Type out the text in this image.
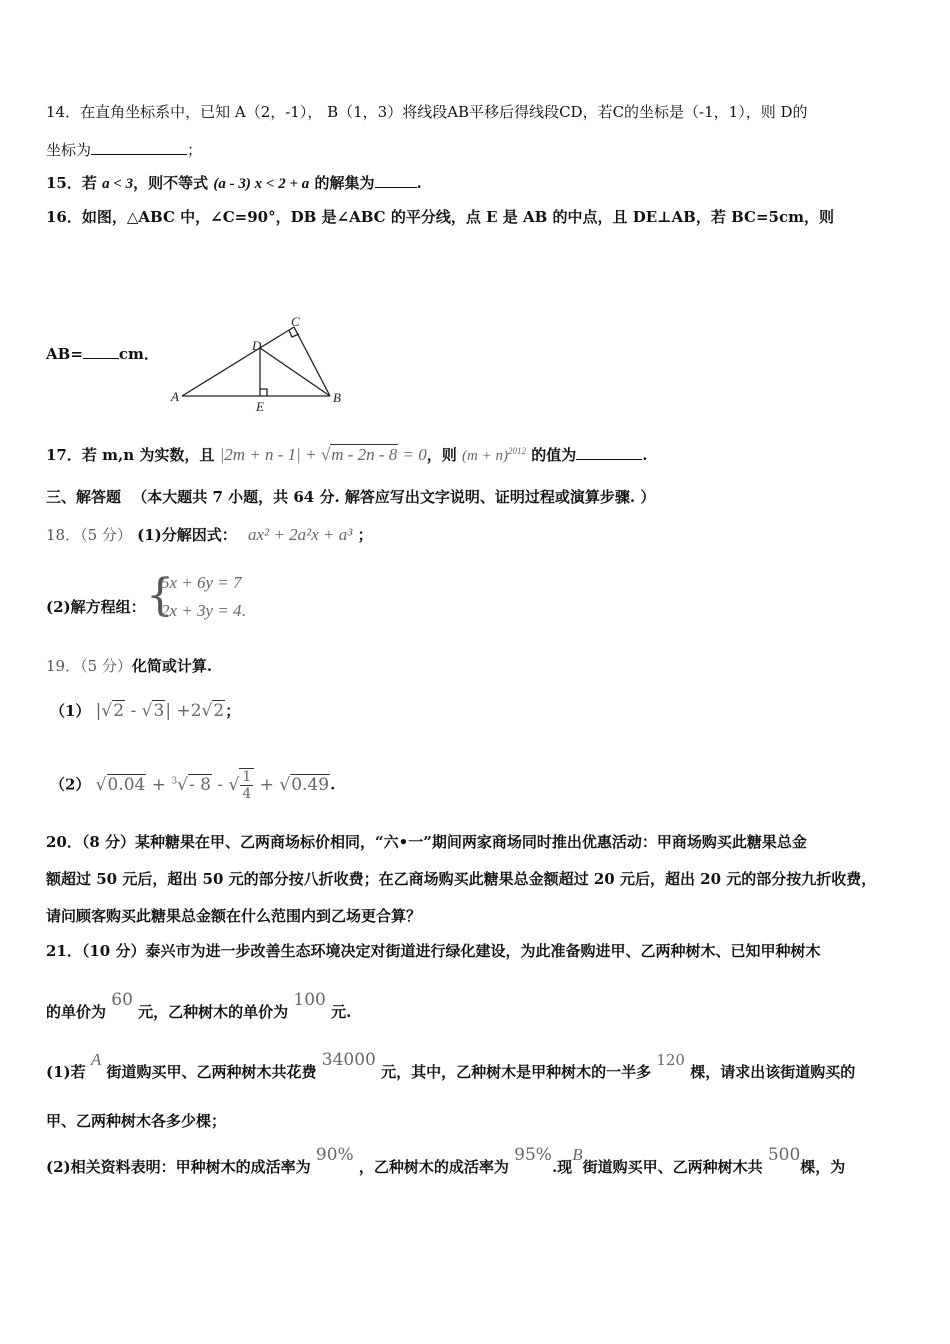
14．在直角坐标系中，已知 A（2，-1）， B（1，3）将线段AB平移后得线段CD，若C的坐标是（-1，1），则 D的
坐标为	；
15．若 a < 3，则不等式 (a - 3) x < 2 + a 的解集为	.
16．如图，△ABC 中，∠C=90°，DB 是∠ABC 的平分线，点 E 是 AB 的中点，且 DE⊥AB，若 BC=5cm，则
AB= cm．
A	B
C
D
E
17．若 m,n 为实数，且 |2m + n - 1| + √m - 2n - 8 = 0，则 $(m + n)^{2012}$ 的值为	.
三、解答题 （本大题共 7 小题，共 64 分. 解答应写出文字说明、证明过程或演算步骤. ）
18．（5 分） (1)分解因式： ax² + 2a²x + a³ ；
(2)解方程组： {
5x + 6y = 7
2x + 3y = 4.
19．（5 分）化简或计算.
（1） |√2 - √3| +2√2；
（2） √0.04 + $^3$√- 8 - √ $\frac{1}{4} + √0.49$.
20．（8 分）某种糖果在甲、乙两商场标价相同，“六•一”期间两家商场同时推出优惠活动：甲商场购买此糖果总金
额超过 50 元后，超出 50 元的部分按八折收费；在乙商场购买此糖果总金额超过 20 元后，超出 20 元的部分按九折收费，
请问顾客购买此糖果总金额在什么范围内到乙场更合算？
21．（10 分）泰兴市为进一步改善生态环境决定对街道进行绿化建设，为此准备购进甲、乙两种树木、已知甲种树木
的单价为 60 元，乙种树木的单价为 100 元.
(1)若 A 街道购买甲、乙两种树木共花费 34000 元，其中，乙种树木是甲种树木的一半多 120 棵，请求出该街道购买的
甲、乙两种树木各多少棵；
(2)相关资料表明：甲种树木的成活率为 90% ，乙种树木的成活率为 95%.现B街道购买甲、乙两种树木共 500棵，为
